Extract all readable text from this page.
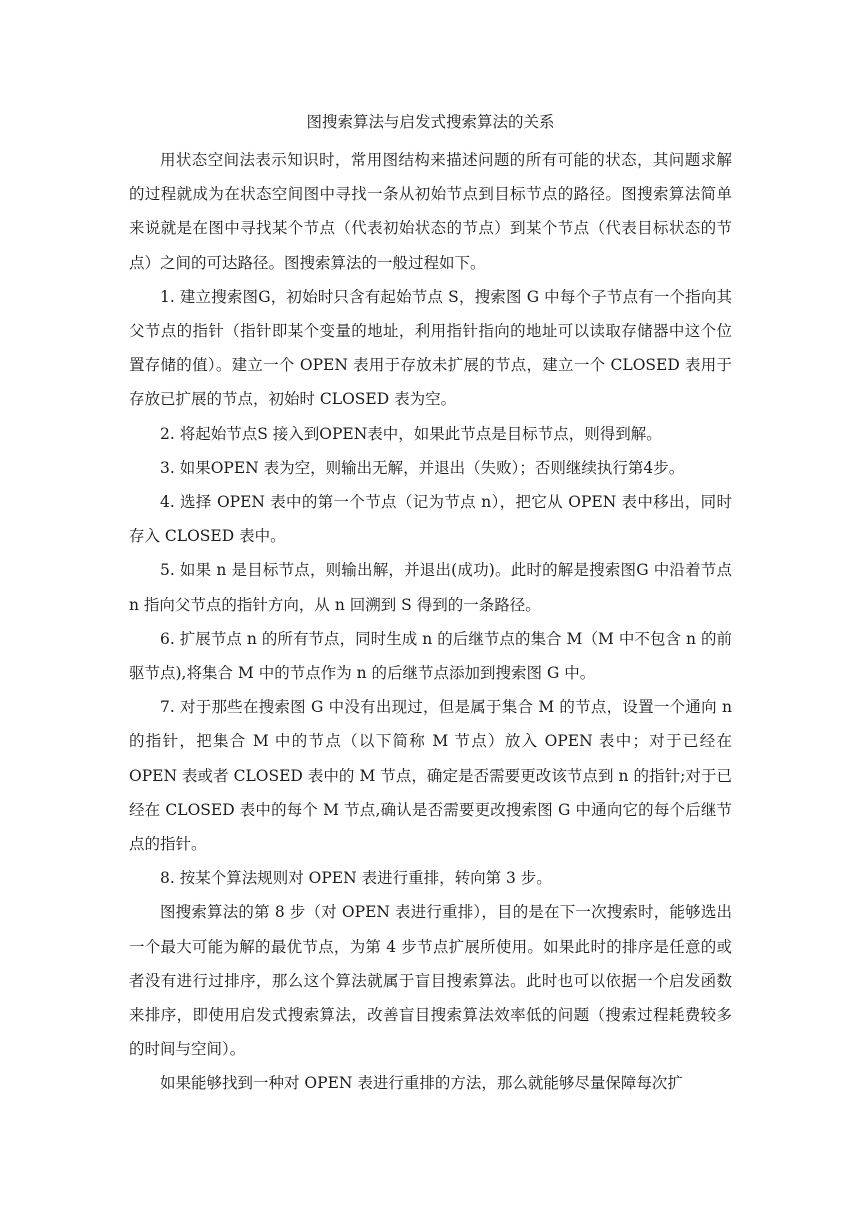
图搜索算法与启发式搜索算法的关系

用状态空间法表示知识时，常用图结构来描述问题的所有可能的状态，其问题求解的过程就成为在状态空间图中寻找一条从初始节点到目标节点的路径。图搜索算法简单来说就是在图中寻找某个节点（代表初始状态的节点）到某个节点（代表目标状态的节点）之间的可达路径。图搜索算法的一般过程如下。

1. 建立搜索图G，初始时只含有起始节点 S，搜索图 G 中每个子节点有一个指向其父节点的指针（指针即某个变量的地址，利用指针指向的地址可以读取存储器中这个位置存储的值）。建立一个 OPEN 表用于存放未扩展的节点，建立一个 CLOSED 表用于存放已扩展的节点，初始时 CLOSED 表为空。

2. 将起始节点S 接入到OPEN表中，如果此节点是目标节点，则得到解。

3. 如果OPEN 表为空，则输出无解，并退出（失败）；否则继续执行第4步。

4. 选择 OPEN 表中的第一个节点（记为节点 n），把它从 OPEN 表中移出，同时存入 CLOSED 表中。

5. 如果 n 是目标节点，则输出解，并退出(成功)。此时的解是搜索图G 中沿着节点 n 指向父节点的指针方向，从 n 回溯到 S 得到的一条路径。

6. 扩展节点 n 的所有节点，同时生成 n 的后继节点的集合 M（M 中不包含 n 的前驱节点),将集合 M 中的节点作为 n 的后继节点添加到搜索图 G 中。

7. 对于那些在搜索图 G 中没有出现过，但是属于集合 M 的节点，设置一个通向 n 的指针，把集合 M 中的节点（以下简称 M 节点）放入 OPEN 表中；对于已经在 OPEN 表或者 CLOSED 表中的 M 节点，确定是否需要更改该节点到 n 的指针;对于已经在 CLOSED 表中的每个 M 节点,确认是否需要更改搜索图 G 中通向它的每个后继节点的指针。

8. 按某个算法规则对 OPEN 表进行重排，转向第 3 步。

图搜索算法的第 8 步（对 OPEN 表进行重排），目的是在下一次搜索时，能够选出一个最大可能为解的最优节点，为第 4 步节点扩展所使用。如果此时的排序是任意的或者没有进行过排序，那么这个算法就属于盲目搜索算法。此时也可以依据一个启发函数来排序，即使用启发式搜索算法，改善盲目搜索算法效率低的问题（搜索过程耗费较多的时间与空间）。

如果能够找到一种对 OPEN 表进行重排的方法，那么就能够尽量保障每次扩
